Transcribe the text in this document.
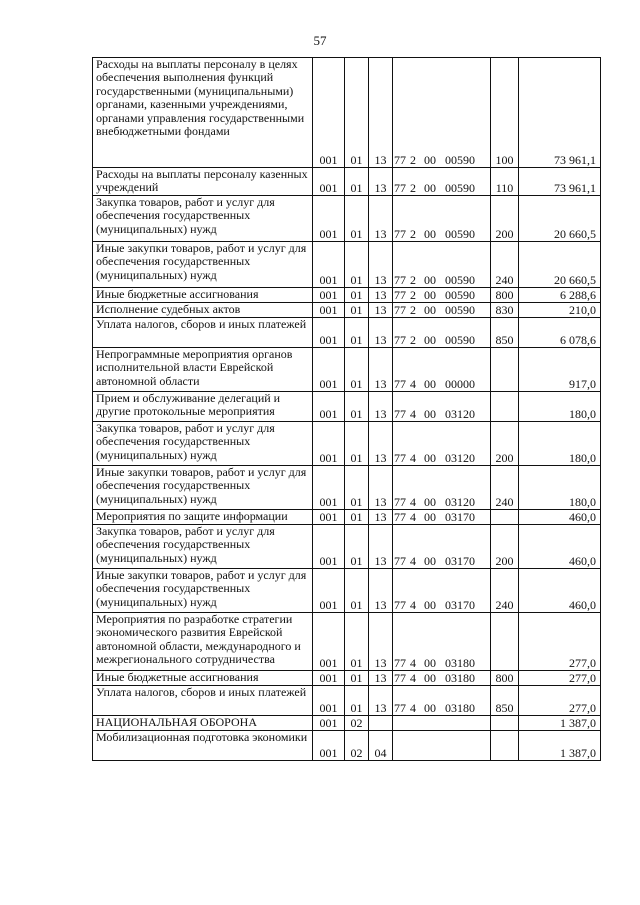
57
Расходы на выплаты персоналу в целях обеспечения выполнения функций государственными (муниципальными) органами, казенными учреждениями, органами управления государственными внебюджетными фондами	001	01	13	77 2 00 00590	100	73 961,1
Расходы на выплаты персоналу казенных учреждений	001	01	13	77 2 00 00590	110	73 961,1
Закупка товаров, работ и услуг для обеспечения государственных (муниципальных) нужд	001	01	13	77 2 00 00590	200	20 660,5
Иные закупки товаров, работ и услуг для обеспечения государственных (муниципальных) нужд	001	01	13	77 2 00 00590	240	20 660,5
Иные бюджетные ассигнования	001	01	13	77 2 00 00590	800	6 288,6
Исполнение судебных актов	001	01	13	77 2 00 00590	830	210,0
Уплата налогов, сборов и иных платежей	001	01	13	77 2 00 00590	850	6 078,6
Непрограммные мероприятия органов исполнительной власти Еврейской автономной области	001	01	13	77 4 00 00000		917,0
Прием и обслуживание делегаций и другие протокольные мероприятия	001	01	13	77 4 00 03120		180,0
Закупка товаров, работ и услуг для обеспечения государственных (муниципальных) нужд	001	01	13	77 4 00 03120	200	180,0
Иные закупки товаров, работ и услуг для обеспечения государственных (муниципальных) нужд	001	01	13	77 4 00 03120	240	180,0
Мероприятия по защите информации	001	01	13	77 4 00 03170		460,0
Закупка товаров, работ и услуг для обеспечения государственных (муниципальных) нужд	001	01	13	77 4 00 03170	200	460,0
Иные закупки товаров, работ и услуг для обеспечения государственных (муниципальных) нужд	001	01	13	77 4 00 03170	240	460,0
Мероприятия по разработке стратегии экономического развития Еврейской автономной области, международного и межрегионального сотрудничества	001	01	13	77 4 00 03180		277,0
Иные бюджетные ассигнования	001	01	13	77 4 00 03180	800	277,0
Уплата налогов, сборов и иных платежей	001	01	13	77 4 00 03180	850	277,0
НАЦИОНАЛЬНАЯ ОБОРОНА	001	02				1 387,0
Мобилизационная подготовка экономики	001	02	04			1 387,0
